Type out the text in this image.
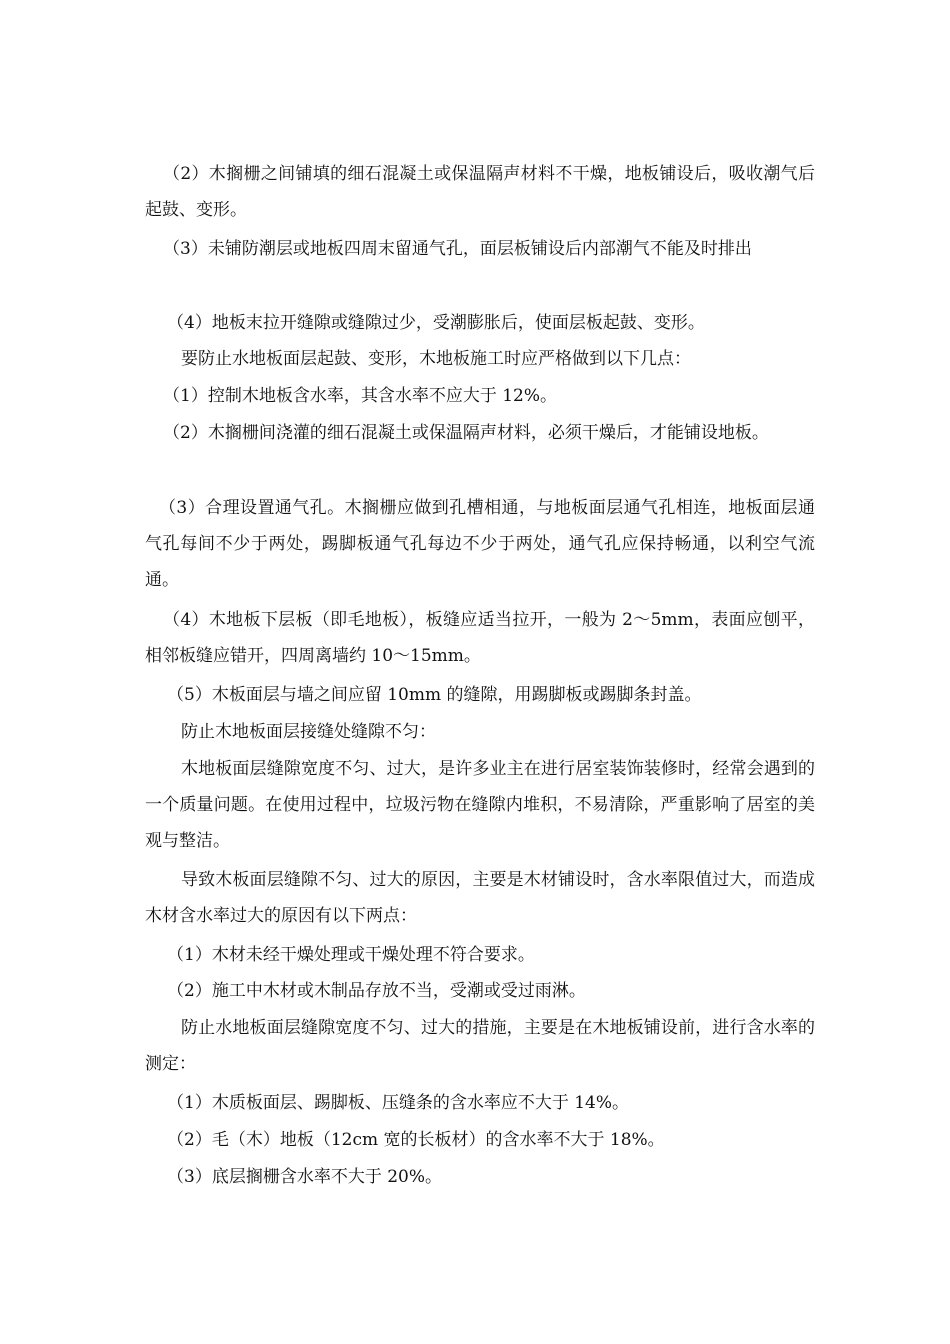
（2）木搁栅之间铺填的细石混凝土或保温隔声材料不干燥，地板铺设后，吸收潮气后起鼓、变形。

（3）未铺防潮层或地板四周末留通气孔，面层板铺设后内部潮气不能及时排出

（4）地板末拉开缝隙或缝隙过少，受潮膨胀后，使面层板起鼓、变形。

要防止水地板面层起鼓、变形，木地板施工时应严格做到以下几点：

（1）控制木地板含水率，其含水率不应大于 12%。

（2）木搁栅间浇灌的细石混凝土或保温隔声材料，必须干燥后，才能铺设地板。

（3）合理设置通气孔。木搁栅应做到孔槽相通，与地板面层通气孔相连，地板面层通气孔每间不少于两处，踢脚板通气孔每边不少于两处，通气孔应保持畅通，以利空气流通。

（4）木地板下层板（即毛地板），板缝应适当拉开，一般为 2～5mm，表面应刨平，相邻板缝应错开，四周离墙约 10～15mm。

（5）木板面层与墙之间应留 10mm 的缝隙，用踢脚板或踢脚条封盖。

防止木地板面层接缝处缝隙不匀：

木地板面层缝隙宽度不匀、过大，是许多业主在进行居室装饰装修时，经常会遇到的一个质量问题。在使用过程中，垃圾污物在缝隙内堆积，不易清除，严重影响了居室的美观与整洁。

导致木板面层缝隙不匀、过大的原因，主要是木材铺设时，含水率限值过大，而造成木材含水率过大的原因有以下两点：

（1）木材未经干燥处理或干燥处理不符合要求。

（2）施工中木材或木制品存放不当，受潮或受过雨淋。

防止水地板面层缝隙宽度不匀、过大的措施，主要是在木地板铺设前，进行含水率的测定：

（1）木质板面层、踢脚板、压缝条的含水率应不大于 14%。

（2）毛（木）地板（12cm 宽的长板材）的含水率不大于 18%。

（3）底层搁栅含水率不大于 20%。
